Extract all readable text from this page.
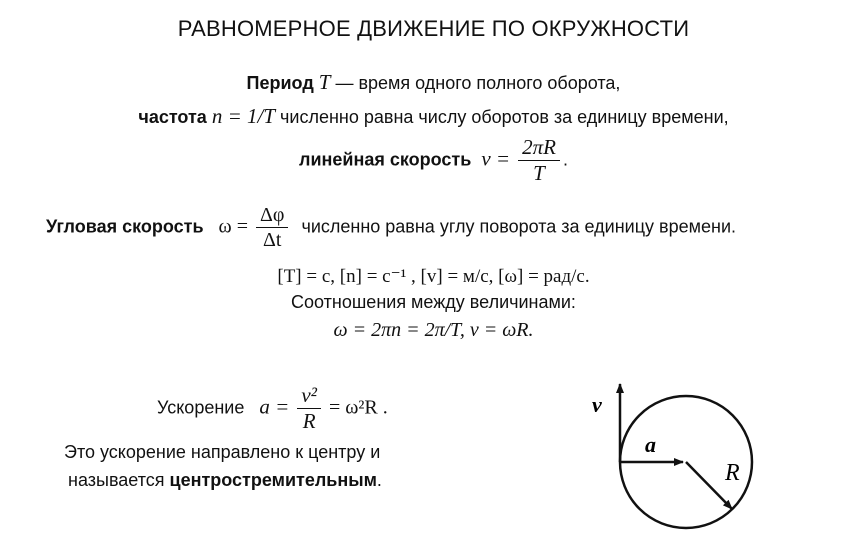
РАВНОМЕРНОЕ ДВИЖЕНИЕ ПО ОКРУЖНОСТИ
Период T — время одного полного оборота,
частота n = 1/T численно равна числу оборотов за единицу времени,
линейная скорость $v = \frac{2\pi R}{T}$ .
Угловая скорость $\omega = \frac{\Delta\varphi}{\Delta t}$ численно равна углу поворота за единицу времени.
[T] = с, [n] = с⁻¹ , [v] = м/с, [ω] = рад/с.
Соотношения между величинами:
ω = 2πn = 2π/T, v = ωR.
Ускорение $a = \frac{\text{v²}}{R} = \omega^2R$ .
Это ускорение направлено к центру и
называется центростремительным.
v⃗
a⃗
R
